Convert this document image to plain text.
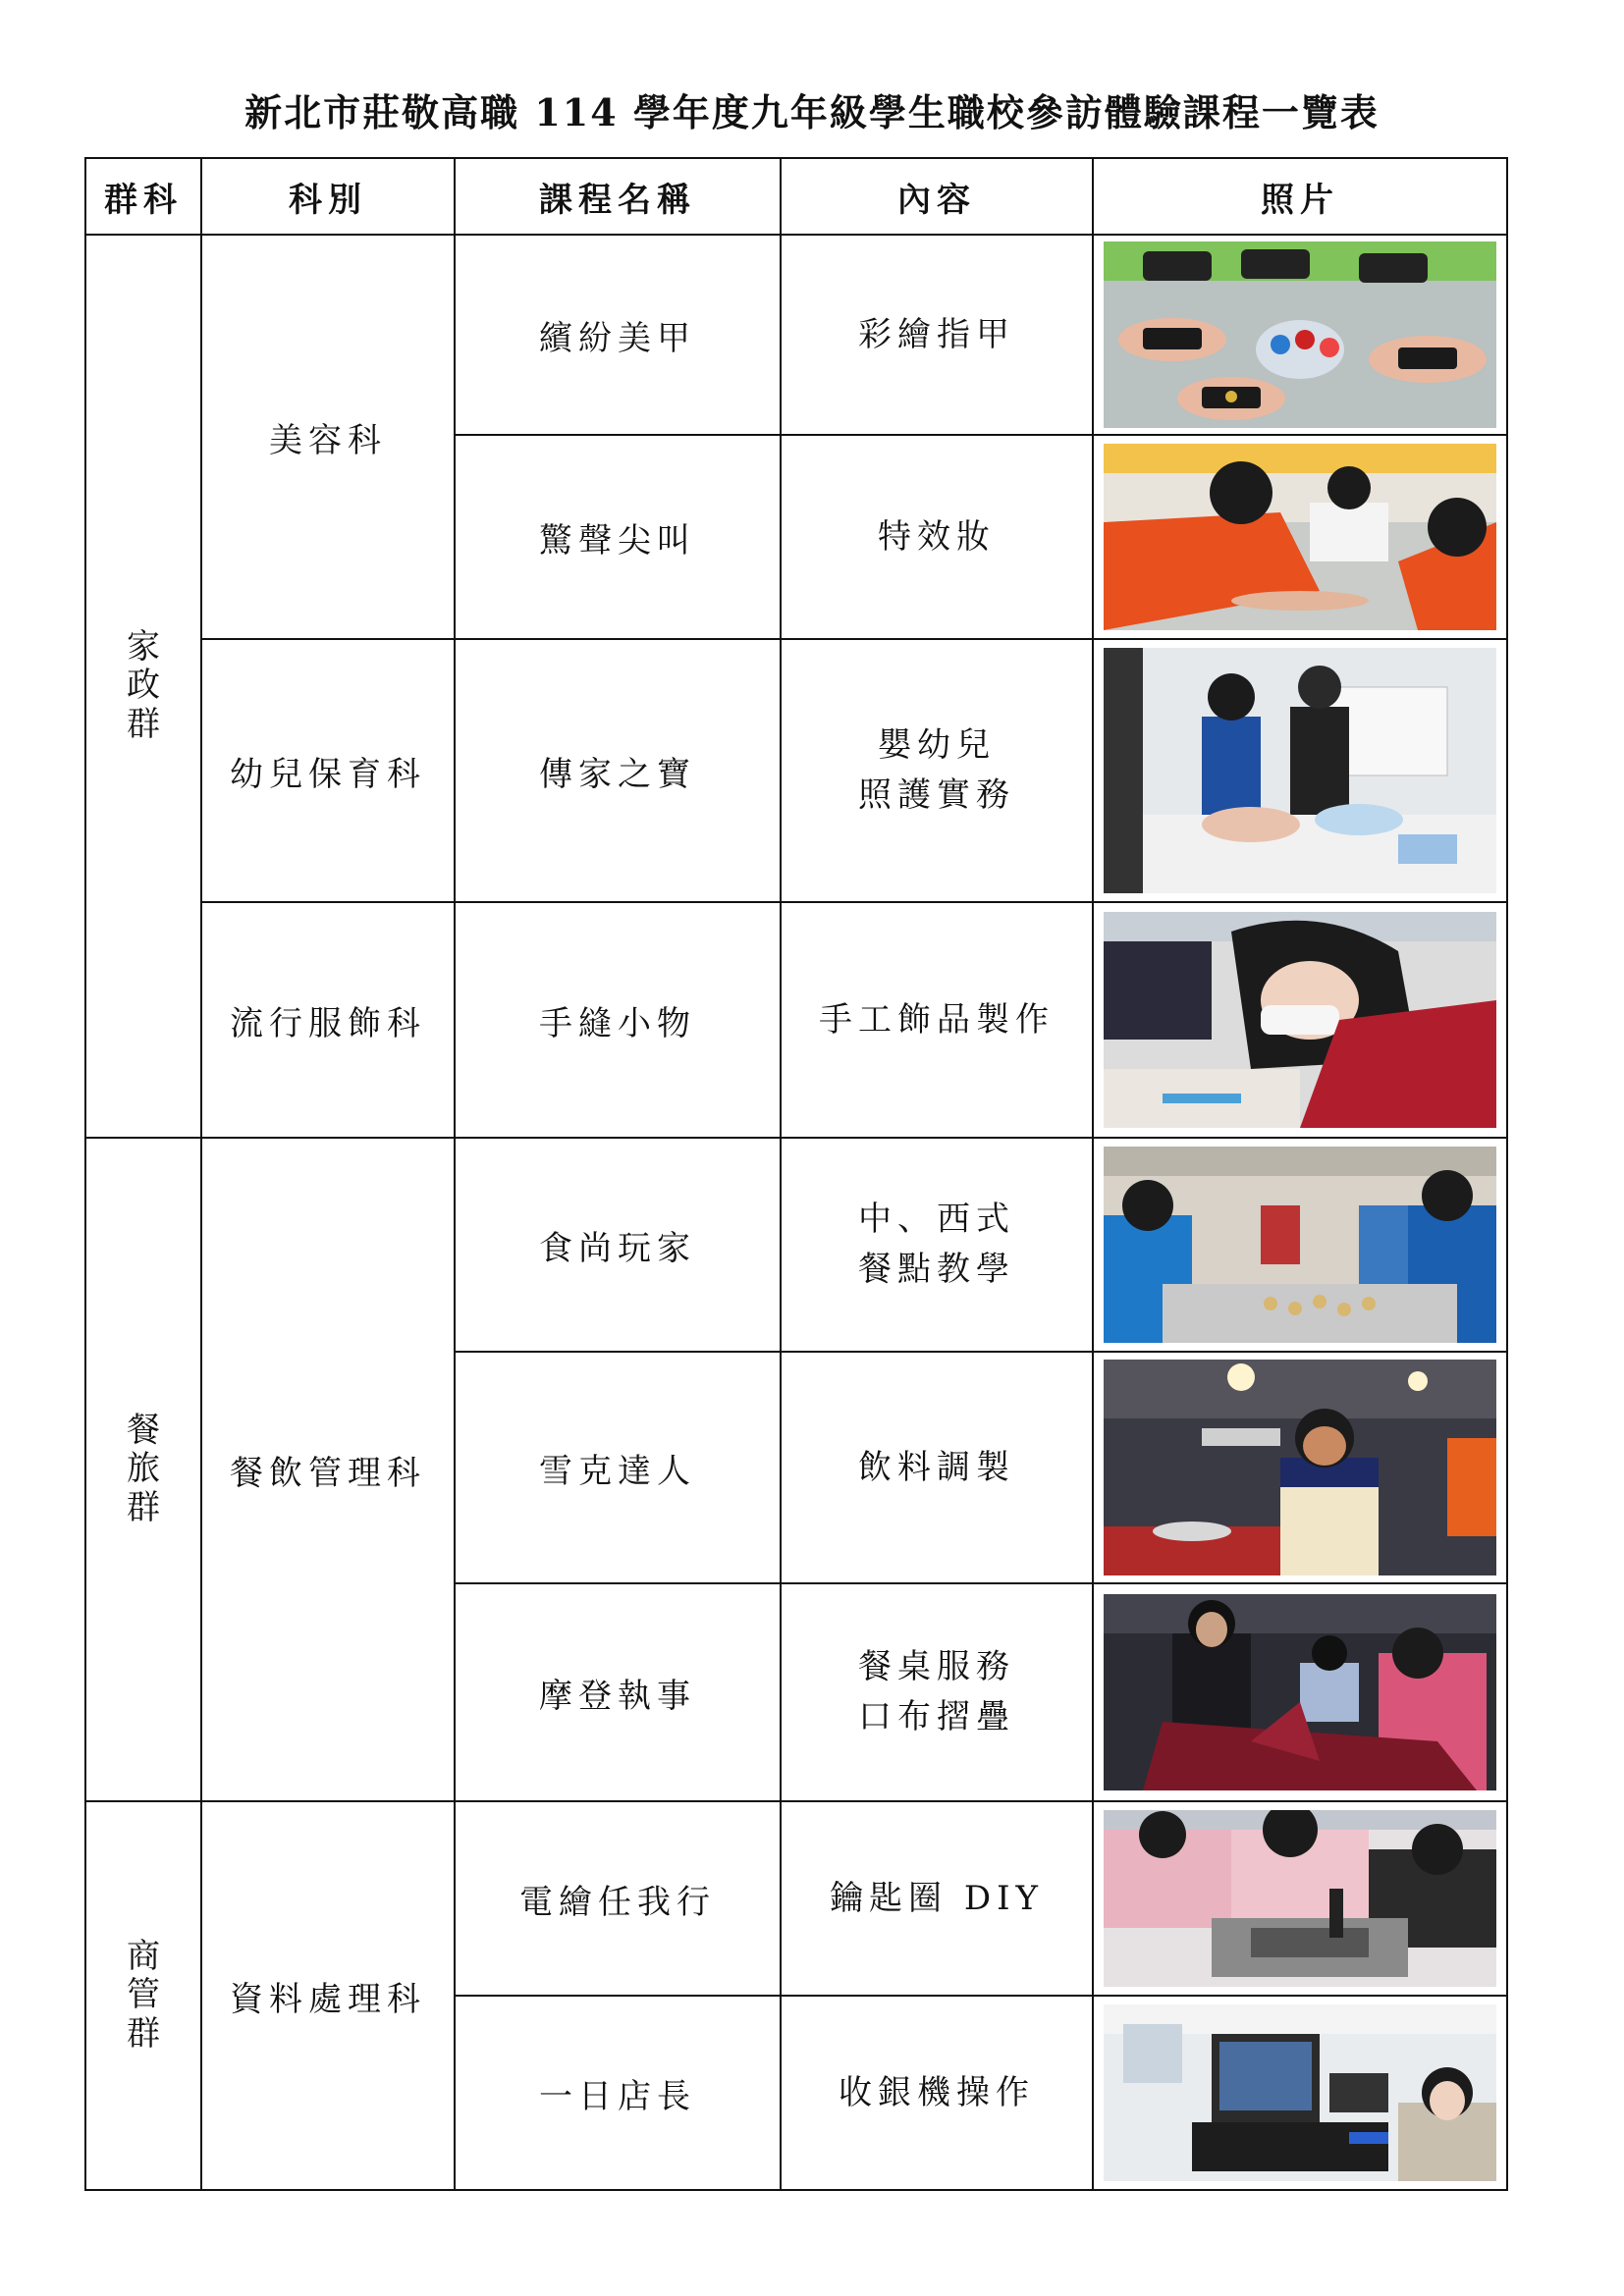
新北市莊敬高職 114 學年度九年級學生職校參訪體驗課程一覽表
群科	科別	課程名稱	內容	照片
家政群	美容科	繽紛美甲	彩繪指甲	

		驚聲尖叫	特效妝	

	幼兒保育科	傳家之寶	嬰幼兒
照護實務	

	流行服飾科	手縫小物	手工飾品製作	

餐旅群	餐飲管理科	食尚玩家	中、西式
餐點教學	

		雪克達人	飲料調製	

		摩登執事	餐桌服務
口布摺疊	

商管群	資料處理科	電繪任我行	鑰匙圈 DIY	

		一日店長	收銀機操作	
